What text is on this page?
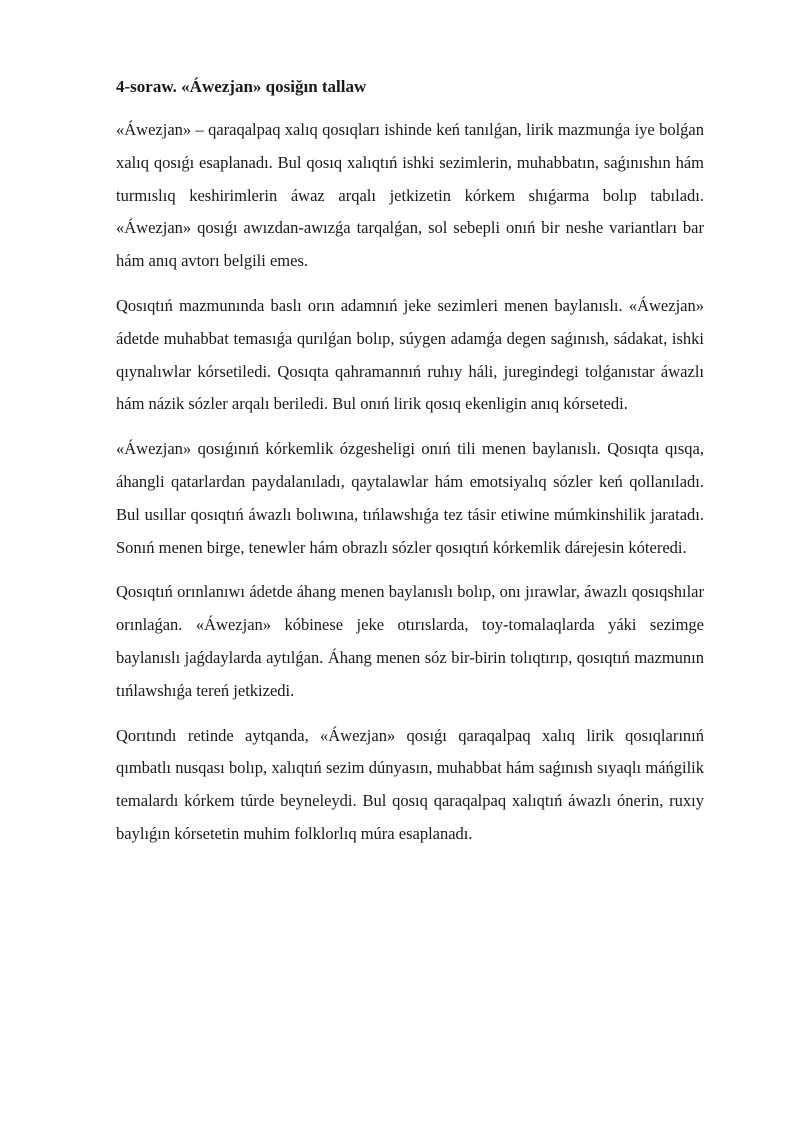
4-soraw. «Áwezjan» qosiğın tallaw

«Áwezjan» – qaraqalpaq xalıq qosıqları ishinde keń tanılǵan, lirik mazmunǵa iye bolǵan xalıq qosıǵı esaplanadı. Bul qosıq xalıqtıń ishki sezimlerin, muhabbatın, saǵınıshın hám turmıslıq keshirimlerin áwaz arqalı jetkizetin kórkem shıǵarma bolıp tabıladı. «Áwezjan» qosıǵı awızdan-awızǵa tarqalǵan, sol sebepli onıń bir neshe variantları bar hám anıq avtorı belgili emes.

Qosıqtıń mazmunında baslı orın adamnıń jeke sezimleri menen baylanıslı. «Áwezjan» ádetde muhabbat temasıǵa qurılǵan bolıp, súygen adamǵa degen saǵınısh, sádakat, ishki qıynalıwlar kórsetiledi. Qosıqta qahramannıń ruhıy háli, juregindegi tolǵanıstar áwazlı hám názik sózler arqalı beriledi. Bul onıń lirik qosıq ekenligin anıq kórsetedi.

«Áwezjan» qosıǵınıń kórkemlik ózgesheligi onıń tili menen baylanıslı. Qosıqta qısqa, áhangli qatarlardan paydalanıladı, qaytalawlar hám emotsiyalıq sózler keń qollanıladı. Bul usıllar qosıqtıń áwazlı bolıwına, tıńlawshıǵa tez tásir etiwine múmkinshilik jaratadı. Sonıń menen birge, tenewler hám obrazlı sózler qosıqtıń kórkemlik dárejesin kóteredi.

Qosıqtıń orınlanıwı ádetde áhang menen baylanıslı bolıp, onı jırawlar, áwazlı qosıqshılar orınlaǵan. «Áwezjan» kóbinese jeke otırıslarda, toy-tomalaqlarda yáki sezimge baylanıslı jaǵdaylarda aytılǵan. Áhang menen sóz bir-birin tolıqtırıp, qosıqtıń mazmunın tıńlawshıǵa tereń jetkizedi.

Qorıtındı retinde aytqanda, «Áwezjan» qosıǵı qaraqalpaq xalıq lirik qosıqlarınıń qımbatlı nusqası bolıp, xalıqtıń sezim dúnyasın, muhabbat hám saǵınısh sıyaqlı máńgilik temalardı kórkem túrde beyneleydi. Bul qosıq qaraqalpaq xalıqtıń áwazlı ónerin, ruxıy baylıǵın kórsetetin muhim folklorlıq múra esaplanadı.
